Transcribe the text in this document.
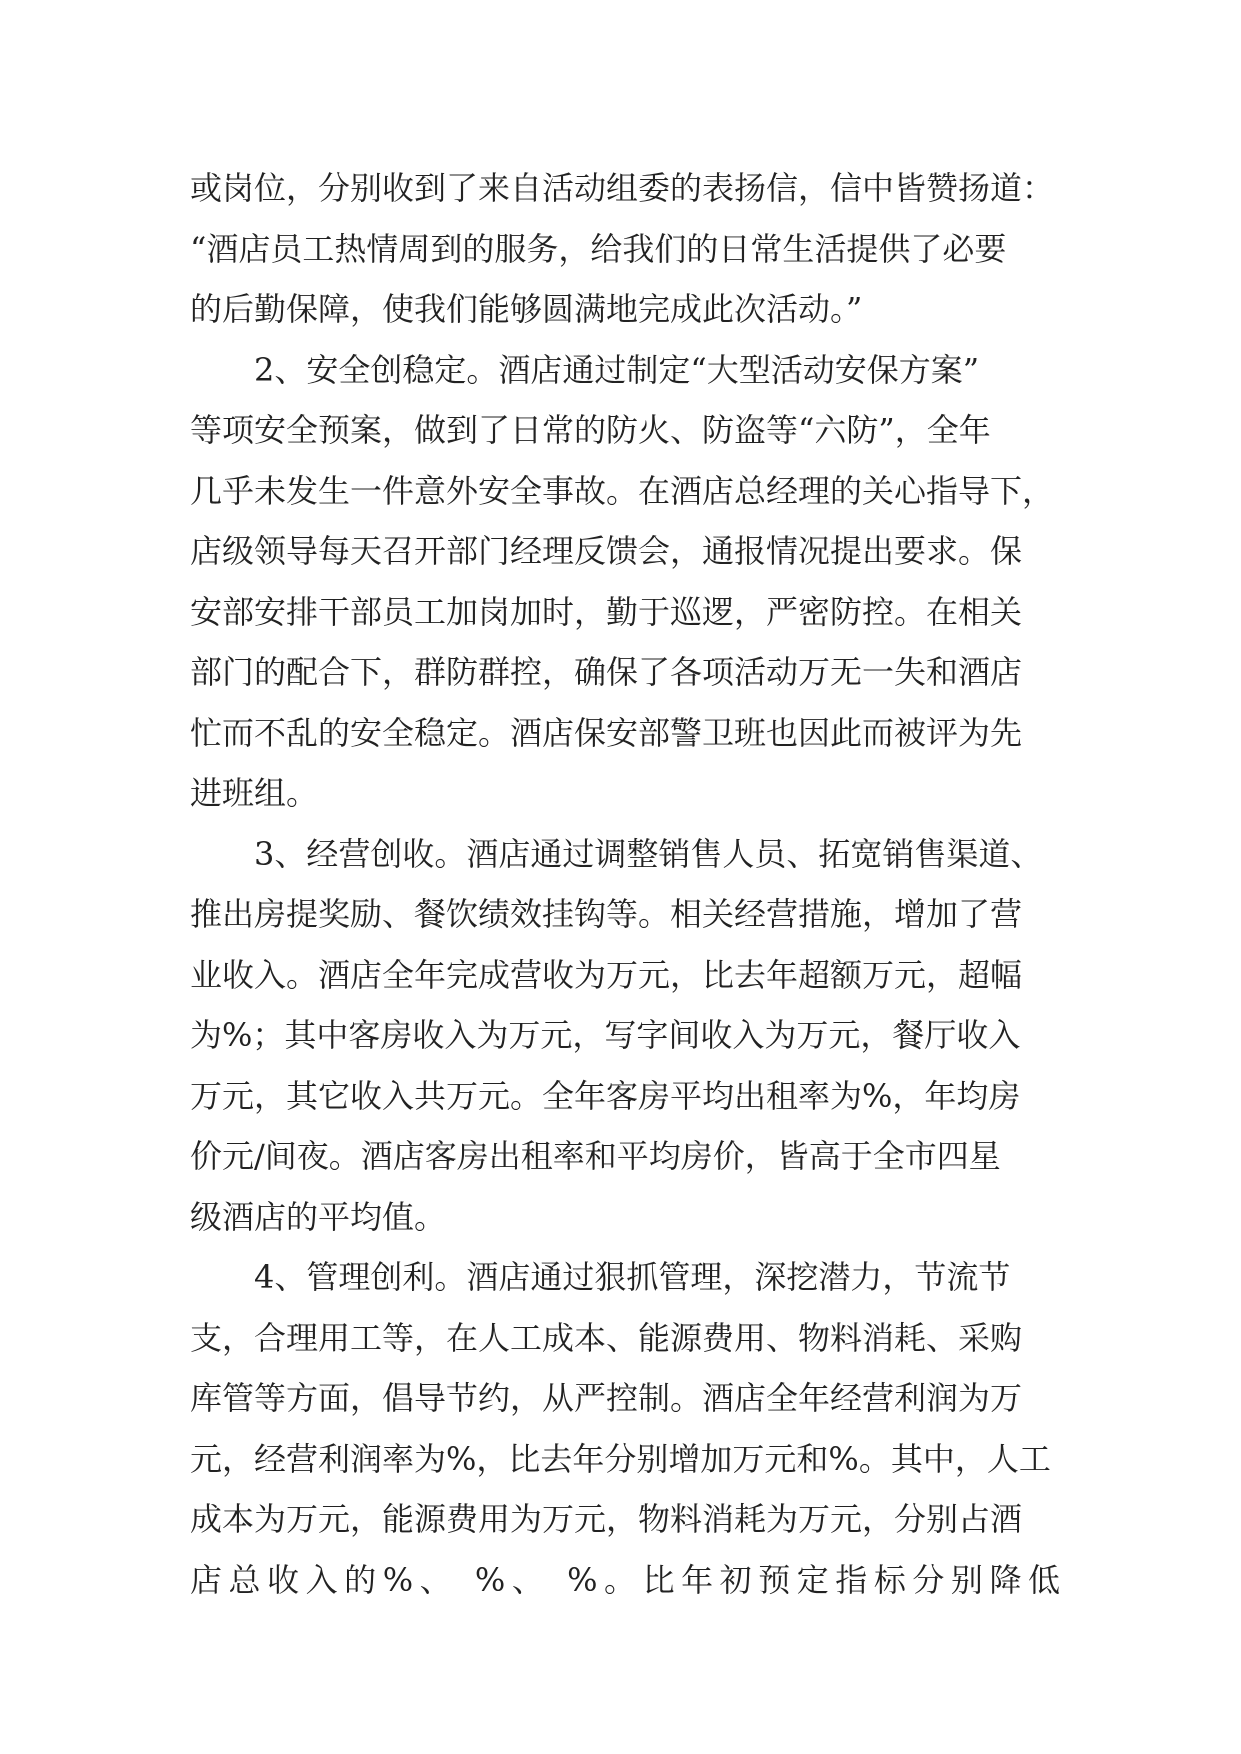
或岗位，分别收到了来自活动组委的表扬信，信中皆赞扬道：
“酒店员工热情周到的服务，给我们的日常生活提供了必要
的后勤保障，使我们能够圆满地完成此次活动。”
2、安全创稳定。酒店通过制定“大型活动安保方案”
等项安全预案，做到了日常的防火、防盗等“六防”，全年
几乎未发生一件意外安全事故。在酒店总经理的关心指导下，
店级领导每天召开部门经理反馈会，通报情况提出要求。保
安部安排干部员工加岗加时，勤于巡逻，严密防控。在相关
部门的配合下，群防群控，确保了各项活动万无一失和酒店
忙而不乱的安全稳定。酒店保安部警卫班也因此而被评为先
进班组。
3、经营创收。酒店通过调整销售人员、拓宽销售渠道、
推出房提奖励、餐饮绩效挂钩等。相关经营措施，增加了营
业收入。酒店全年完成营收为万元，比去年超额万元，超幅
为%；其中客房收入为万元，写字间收入为万元，餐厅收入
万元，其它收入共万元。全年客房平均出租率为%，年均房
价元/间夜。酒店客房出租率和平均房价，皆高于全市四星
级酒店的平均值。
4、管理创利。酒店通过狠抓管理，深挖潜力，节流节
支，合理用工等，在人工成本、能源费用、物料消耗、采购
库管等方面，倡导节约，从严控制。酒店全年经营利润为万
元，经营利润率为%，比去年分别增加万元和%。其中，人工
成本为万元，能源费用为万元，物料消耗为万元，分别占酒
店总收入的%、 %、 %。比年初预定指标分别降低
